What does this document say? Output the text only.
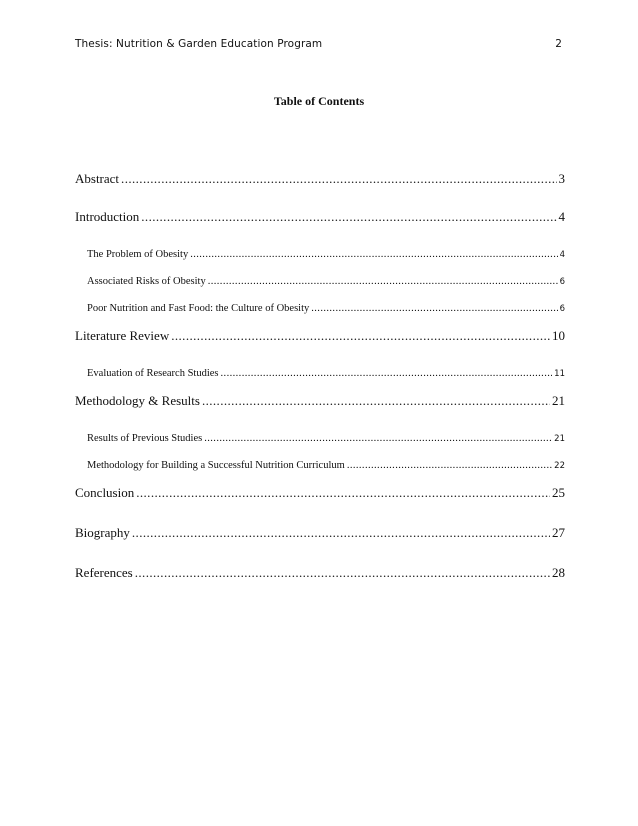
Thesis: Nutrition & Garden Education Program	2
Table of Contents
Abstract .....	3
Introduction .....	4
The Problem of Obesity .....	4
Associated Risks of Obesity .....	6
Poor Nutrition and Fast Food: the Culture of Obesity .....	6
Literature Review .....	10
Evaluation of Research Studies .....	11
Methodology & Results .....	21
Results of Previous Studies .....	21
Methodology for Building a Successful Nutrition Curriculum .....	22
Conclusion .....	25
Biography .....	27
References .....	28
